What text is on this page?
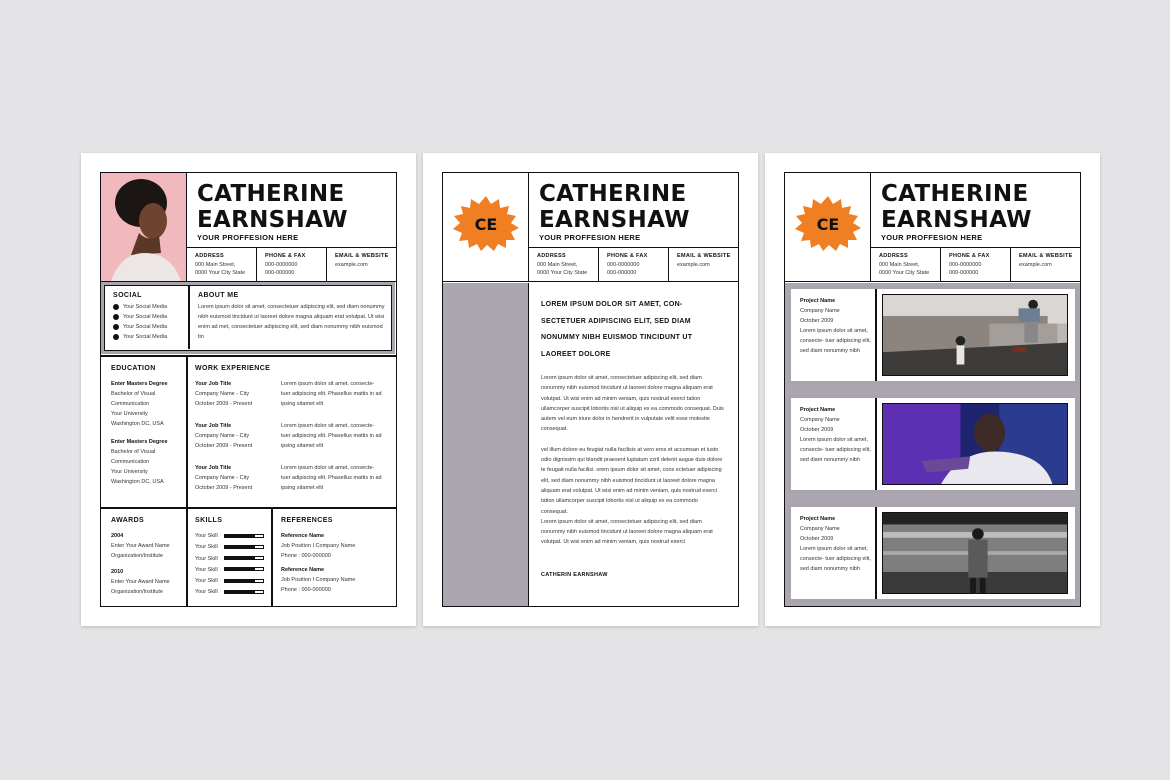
CATHERINE
EARNSHAW
YOUR PROFFESION HERE
ADDRESS
000 Main Street,
0000 Your City State
PHONE & FAX
000-0000000
000-000000
EMAIL & WEBSITE
example.com
SOCIAL
Your Social Media
Your Social Media
Your Social Media
Your Social Media
ABOUT ME
Lorem ipsum dolor sit amet, consectetuer adipiscing elit, sed diam nonummy nibh euismod tincidunt ut laoreet dolore magna aliquam erat volutpat. Ut wisi enim ad met, consectetuer adipiscing elit, sed diam nonummy nibh euismod tin
EDUCATION
Enter Masters Degree
Bachelor of Visual
Communication
Your University
Washington DC, USA
Enter Masters Degree
Bachelor of Visual
Communication
Your University
Washington DC, USA
WORK EXPERIENCE
Your Job Title
Company Name - City
October 2009 - Present
Lorem ipsum dolor sit amet, consecte- tuer adipiscing elit. Phasellus mattis in ad ipsing sitamet elit
Your Job Title
Company Name - City
October 2009 - Present
Lorem ipsum dolor sit amet, consecte- tuer adipiscing elit. Phasellus mattis in ad ipsing sitamet elit
Your Job Title
Company Name - City
October 2009 - Present
Lorem ipsum dolor sit amet, consecte- tuer adipiscing elit. Phasellus mattis in ad ipsing sitamet elit
AWARDS
2004
Enter Your Award Name
Organization/Institute
2010
Enter Your Award Name
Organization/Institute
SKILLS
Your Skill
Your Skill
Your Skill
Your Skill
Your Skill
Your Skill
REFERENCES
Reference Name
Job Position I Company Name
Phone : 000-000000
Reference Name
Job Position I Company Name
Phone : 000-000000
CE
CATHERINE
EARNSHAW
YOUR PROFFESION HERE
ADDRESS
000 Main Street,
0000 Your City State
PHONE & FAX
000-0000000
000-000000
EMAIL & WEBSITE
example.com
LOREM IPSUM DOLOR SIT AMET, CON- SECTETUER ADIPISCING ELIT, SED DIAM NONUMMY NIBH EUISMOD TINCIDUNT UT LAOREET DOLORE
Lorem ipsum dolor sit amet, consectetuer adipiscing elit, sed diam nonummy nibh euismod tincidunt ut laoreet dolore magna aliquam erat volutpat. Ut wisi enim ad minim veniam, quis nostrud exerci tation ullamcorper suscipit lobortis nisl ut aliquip ex ea commodo consequat. Duis autem vel eum iriure dolor in hendrerit in vulputate velit esse molestie consequat.
vel illum dolore eu feugiat nulla facilisis at vero eros et accumsan et iusto odio dignissim qui blandit praesent luptatum zzril delenit augue duis dolore te feugait nulla facilisi. orem ipsum dolor sit amet, cons ectetuer adipiscing elit, sed diam nonummy nibh euismod tincidunt ut laoreet dolore magna aliquam erat volutpat. Ut wisi enim ad minim veniam, quis nostrud exerci tation ullamcorper suscipit lobortis nisl ut aliquip ex ea commodo consequat.
Lorem ipsum dolor sit amet, consectetuer adipiscing elit, sed diam nonummy nibh euismod tincidunt ut laoreet dolore magna aliquam erat volutpat. Ut wisi enim ad minim veniam, quis nostrud exerci
CATHERIN EARNSHAW
CE
CATHERINE
EARNSHAW
YOUR PROFFESION HERE
ADDRESS
000 Main Street,
0000 Your City State
PHONE & FAX
000-0000000
000-000000
EMAIL & WEBSITE
example.com
Project Name
Company Name
October 2009
Lorem ipsum dolor sit amet, consecte- tuer adipiscing elit, sed diam nonummy nibh
Project Name
Company Name
October 2009
Lorem ipsum dolor sit amet, consecte- tuer adipiscing elit, sed diam nonummy nibh
Project Name
Company Name
October 2009
Lorem ipsum dolor sit amet, consecte- tuer adipiscing elit, sed diam nonummy nibh
